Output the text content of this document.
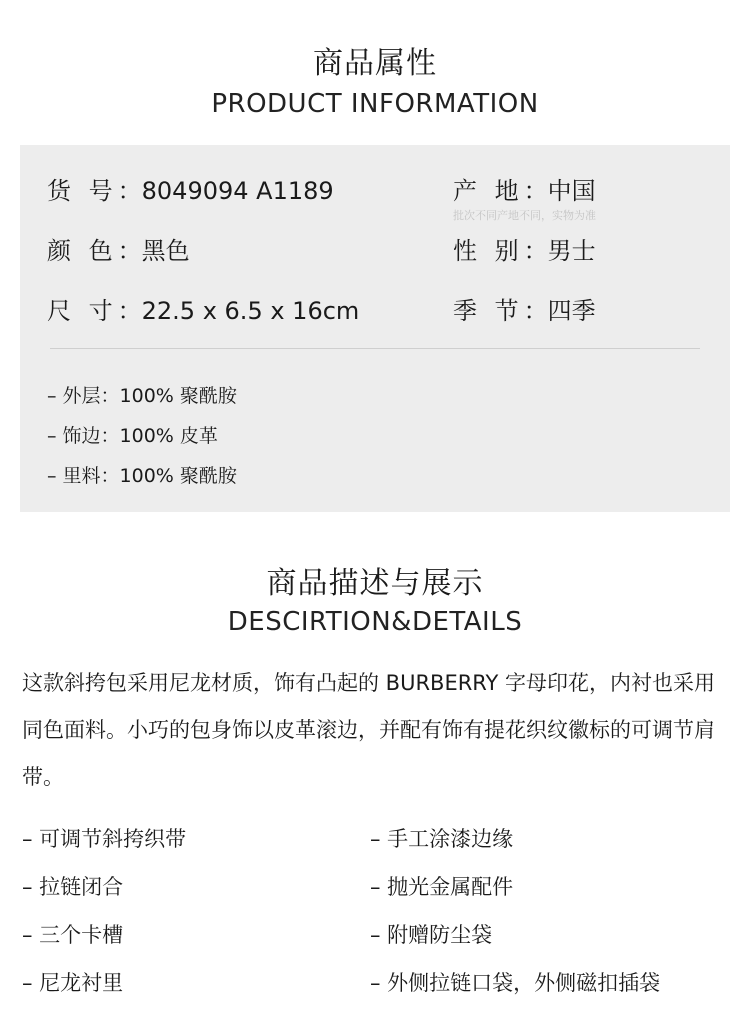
商品属性
PRODUCT INFORMATION
货 号：8049094 A1189	产 地：中国
批次不同产地不同，实物为准
颜 色：黑色	性 别：男士
尺 寸：22.5 x 6.5 x 16cm	季 节：四季
– 外层：100% 聚酰胺
– 饰边：100% 皮革
– 里料：100% 聚酰胺
商品描述与展示
DESCIRTION&DETAILS
这款斜挎包采用尼龙材质，饰有凸起的 BURBERRY 字母印花，内衬也采用同色面料。小巧的包身饰以皮革滚边，并配有饰有提花织纹徽标的可调节肩带。
– 可调节斜挎织带
– 拉链闭合
– 三个卡槽
– 尼龙衬里
– 手工涂漆边缘
– 抛光金属配件
– 附赠防尘袋
– 外侧拉链口袋，外侧磁扣插袋
